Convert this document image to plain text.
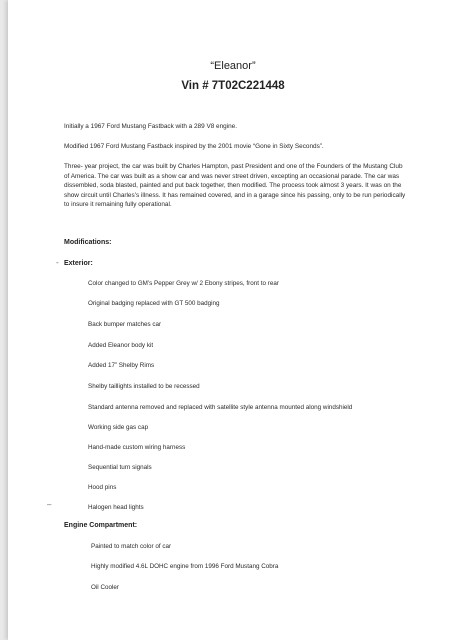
“Eleanor”
Vin # 7T02C221448
Initially a 1967 Ford Mustang Fastback with a 289 V8 engine.
Modified 1967 Ford Mustang Fastback inspired by the 2001 movie “Gone in Sixty Seconds”.
Three- year project, the car was built by Charles Hampton, past President and one of the Founders of the Mustang Club of America. The car was built as a show car and was never street driven, excepting an occasional parade. The car was dissembled, soda blasted, painted and put back together, then modified. The process took almost 3 years. It was on the show circuit until Charles’s illness. It has remained covered, and in a garage since his passing, only to be run periodically to insure it remaining fully operational.
Modifications:
- Exterior:
Color changed to GM’s Pepper Grey w/ 2 Ebony stripes, front to rear
Original badging replaced with GT 500 badging
Back bumper matches car
Added Eleanor body kit
Added 17” Shelby Rims
Shelby taillights installed to be recessed
Standard antenna removed and replaced with satellite style antenna mounted along windshield
Working side gas cap
Hand-made custom wiring harness
Sequential turn signals
Hood pins
–	Halogen head lights
Engine Compartment:
Painted to match color of car
Highly modified 4.6L DOHC engine from 1996 Ford Mustang Cobra
Oil Cooler
